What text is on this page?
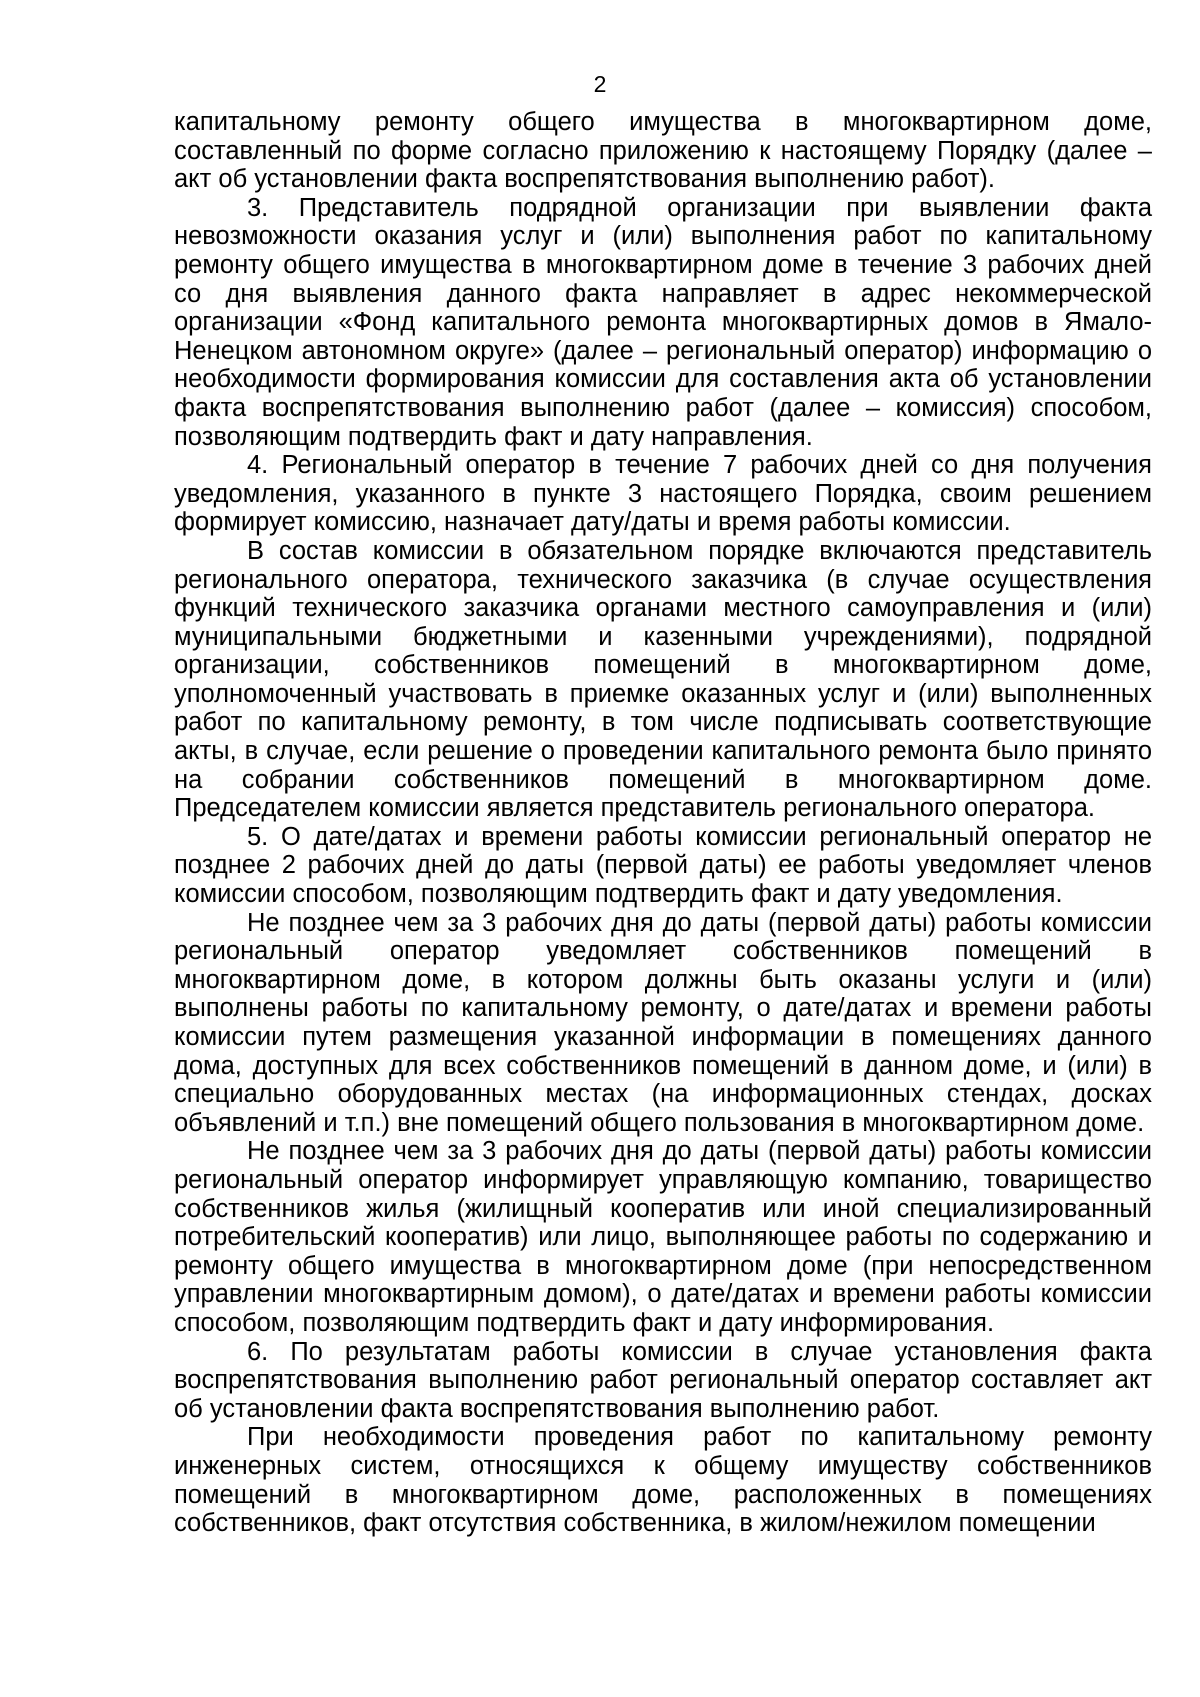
2

капитальному ремонту общего имущества в многоквартирном доме, составленный по форме согласно приложению к настоящему Порядку (далее – акт об установлении факта воспрепятствования выполнению работ).

3. Представитель подрядной организации при выявлении факта невозможности оказания услуг и (или) выполнения работ по капитальному ремонту общего имущества в многоквартирном доме в течение 3 рабочих дней со дня выявления данного факта направляет в адрес некоммерческой организации «Фонд капитального ремонта многоквартирных домов в Ямало-Ненецком автономном округе» (далее – региональный оператор) информацию о необходимости формирования комиссии для составления акта об установлении факта воспрепятствования выполнению работ (далее – комиссия) способом, позволяющим подтвердить факт и дату направления.

4. Региональный оператор в течение 7 рабочих дней со дня получения уведомления, указанного в пункте 3 настоящего Порядка, своим решением формирует комиссию, назначает дату/даты и время работы комиссии.

В состав комиссии в обязательном порядке включаются представитель регионального оператора, технического заказчика (в случае осуществления функций технического заказчика органами местного самоуправления и (или) муниципальными бюджетными и казенными учреждениями), подрядной организации, собственников помещений в многоквартирном доме, уполномоченный участвовать в приемке оказанных услуг и (или) выполненных работ по капитальному ремонту, в том числе подписывать соответствующие акты, в случае, если решение о проведении капитального ремонта было принято на собрании собственников помещений в многоквартирном доме. Председателем комиссии является представитель регионального оператора.

5. О дате/датах и времени работы комиссии региональный оператор не позднее 2 рабочих дней до даты (первой даты) ее работы уведомляет членов комиссии способом, позволяющим подтвердить факт и дату уведомления.

Не позднее чем за 3 рабочих дня до даты (первой даты) работы комиссии региональный оператор уведомляет собственников помещений в многоквартирном доме, в котором должны быть оказаны услуги и (или) выполнены работы по капитальному ремонту, о дате/датах и времени работы комиссии путем размещения указанной информации в помещениях данного дома, доступных для всех собственников помещений в данном доме, и (или) в специально оборудованных местах (на информационных стендах, досках объявлений и т.п.) вне помещений общего пользования в многоквартирном доме.

Не позднее чем за 3 рабочих дня до даты (первой даты) работы комиссии региональный оператор информирует управляющую компанию, товарищество собственников жилья (жилищный кооператив или иной специализированный потребительский кооператив) или лицо, выполняющее работы по содержанию и ремонту общего имущества в многоквартирном доме (при непосредственном управлении многоквартирным домом), о дате/датах и времени работы комиссии способом, позволяющим подтвердить факт и дату информирования.

6. По результатам работы комиссии в случае установления факта воспрепятствования выполнению работ региональный оператор составляет акт об установлении факта воспрепятствования выполнению работ.

При необходимости проведения работ по капитальному ремонту инженерных систем, относящихся к общему имуществу собственников помещений в многоквартирном доме, расположенных в помещениях собственников, факт отсутствия собственника, в жилом/нежилом помещении
